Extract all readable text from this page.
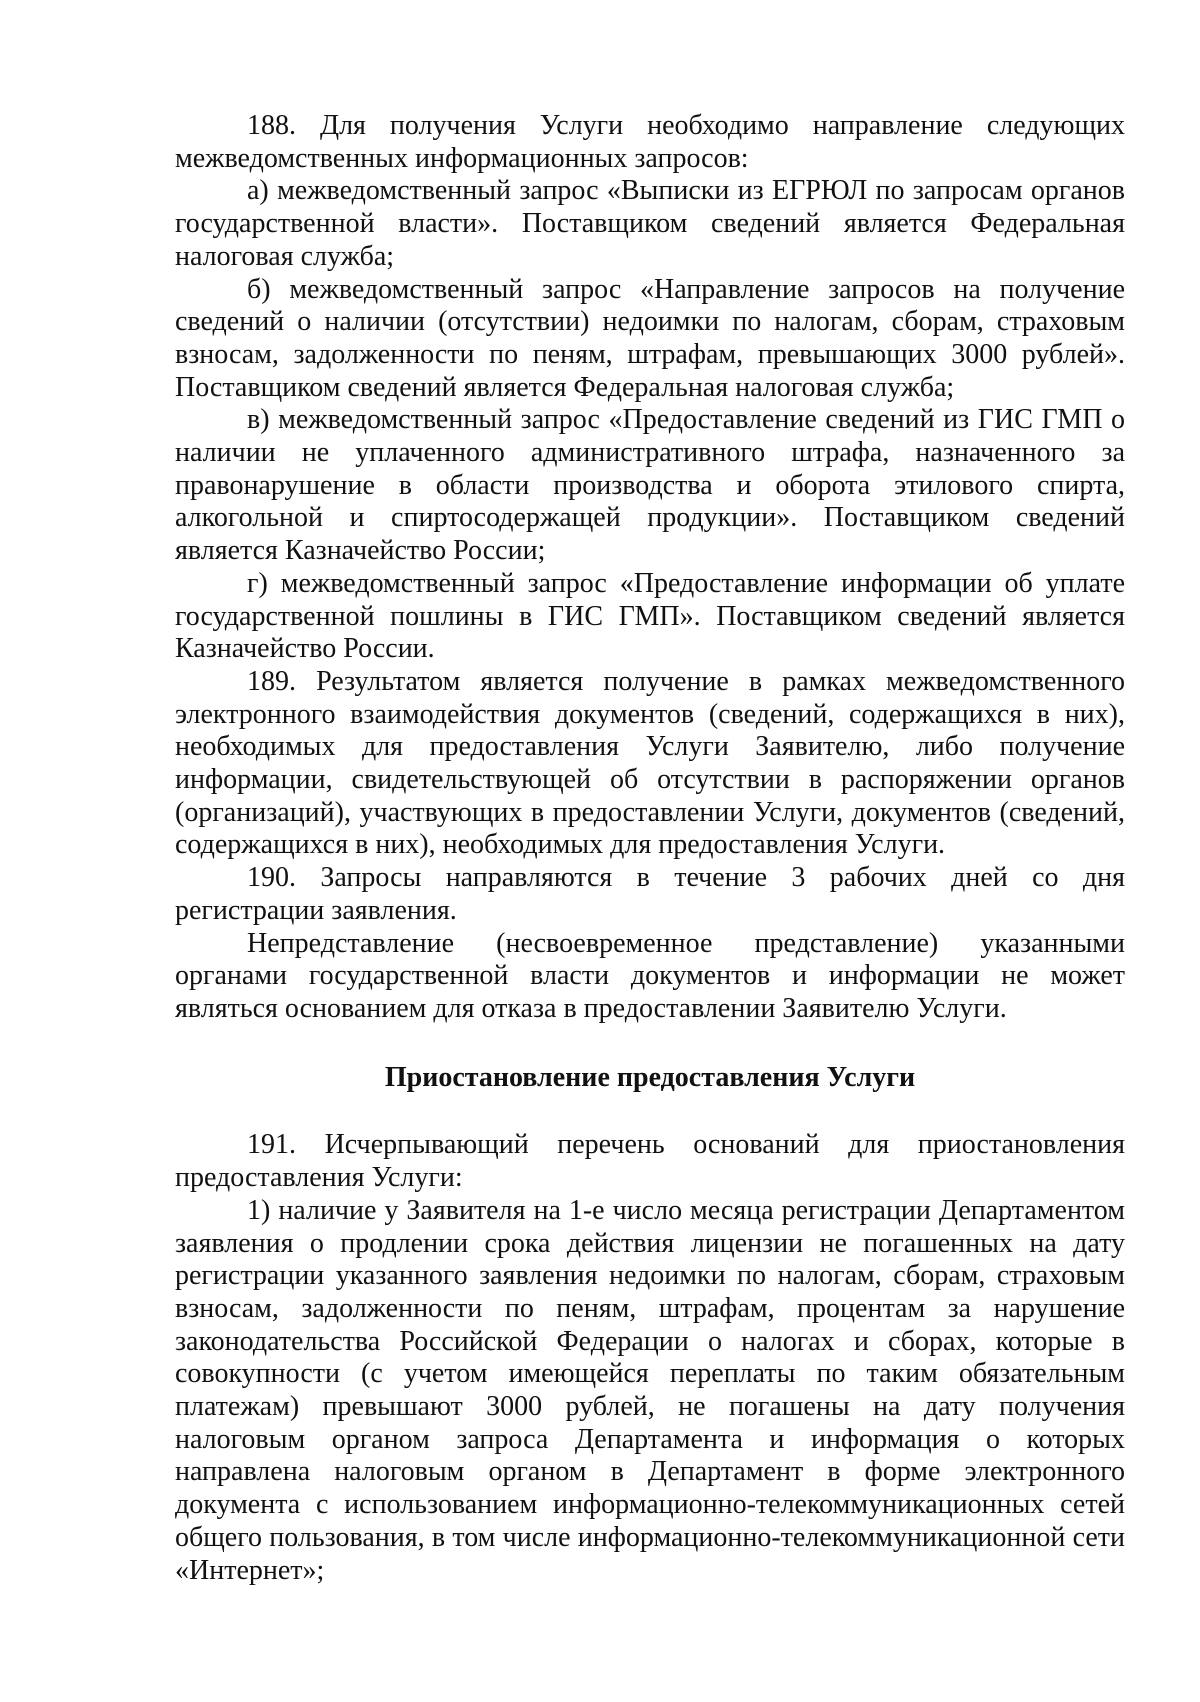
188. Для получения Услуги необходимо направление следующих межведомственных информационных запросов:

а) межведомственный запрос «Выписки из ЕГРЮЛ по запросам органов государственной власти». Поставщиком сведений является Федеральная налоговая служба;

б) межведомственный запрос «Направление запросов на получение сведений о наличии (отсутствии) недоимки по налогам, сборам, страховым взносам, задолженности по пеням, штрафам, превышающих 3000 рублей». Поставщиком сведений является Федеральная налоговая служба;

в) межведомственный запрос «Предоставление сведений из ГИС ГМП о наличии не уплаченного административного штрафа, назначенного за правонарушение в области производства и оборота этилового спирта, алкогольной и спиртосодержащей продукции». Поставщиком сведений является Казначейство России;

г) межведомственный запрос «Предоставление информации об уплате государственной пошлины в ГИС ГМП». Поставщиком сведений является Казначейство России.

189. Результатом является получение в рамках межведомственного электронного взаимодействия документов (сведений, содержащихся в них), необходимых для предоставления Услуги Заявителю, либо получение информации, свидетельствующей об отсутствии в распоряжении органов (организаций), участвующих в предоставлении Услуги, документов (сведений, содержащихся в них), необходимых для предоставления Услуги.

190. Запросы направляются в течение 3 рабочих дней со дня регистрации заявления.

Непредставление (несвоевременное представление) указанными органами государственной власти документов и информации не может являться основанием для отказа в предоставлении Заявителю Услуги.

Приостановление предоставления Услуги

191. Исчерпывающий перечень оснований для приостановления предоставления Услуги:

1) наличие у Заявителя на 1-е число месяца регистрации Департаментом заявления о продлении срока действия лицензии не погашенных на дату регистрации указанного заявления недоимки по налогам, сборам, страховым взносам, задолженности по пеням, штрафам, процентам за нарушение законодательства Российской Федерации о налогах и сборах, которые в совокупности (с учетом имеющейся переплаты по таким обязательным платежам) превышают 3000 рублей, не погашены на дату получения налоговым органом запроса Департамента и информация о которых направлена налоговым органом в Департамент в форме электронного документа с использованием информационно-телекоммуникационных сетей общего пользования, в том числе информационно-телекоммуникационной сети «Интернет»;
